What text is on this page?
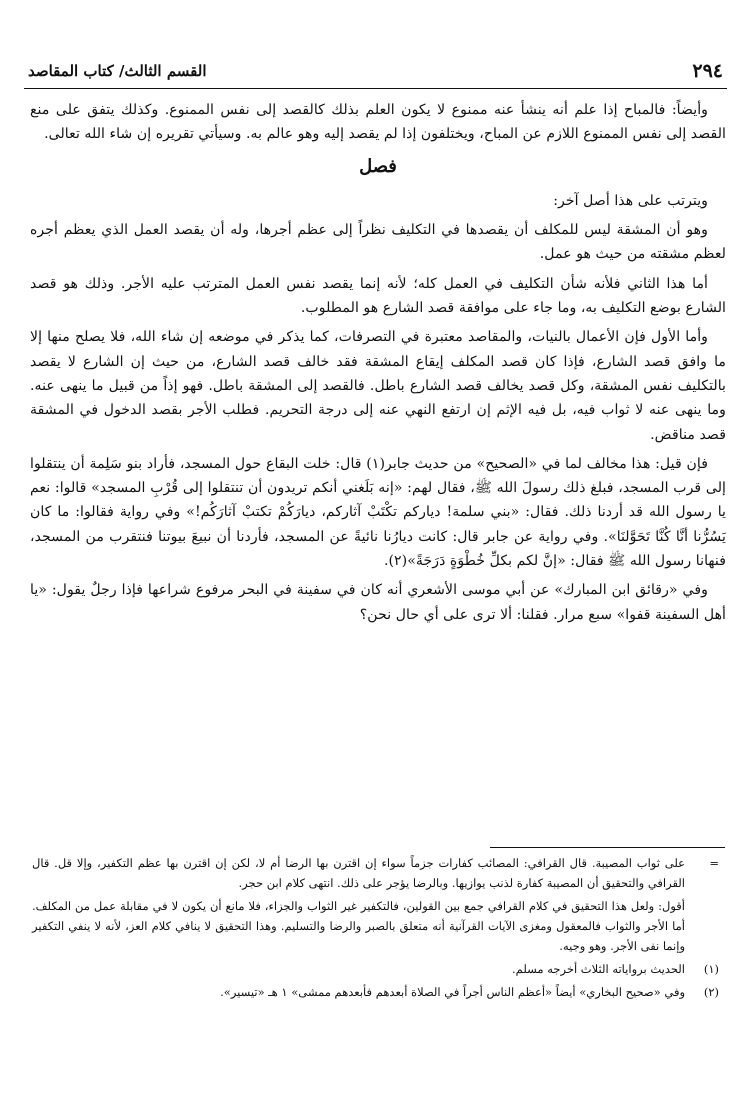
٢٩٤
القسم الثالث/ كتاب المقاصد

وأيضاً: فالمباح إذا علم أنه ينشأ عنه ممنوع لا يكون العلم بذلك كالقصد إلى نفس الممنوع. وكذلك يتفق على منع القصد إلى نفس الممنوع اللازم عن المباح، ويختلفون إذا لم يقصد إليه وهو عالم به. وسيأتي تقريره إن شاء الله تعالى.

فصل

ويترتب على هذا أصل آخر:

وهو أن المشقة ليس للمكلف أن يقصدها في التكليف نظراً إلى عظم أجرها، وله أن يقصد العمل الذي يعظم أجره لعظم مشقته من حيث هو عمل.

أما هذا الثاني فلأنه شأن التكليف في العمل كله؛ لأنه إنما يقصد نفس العمل المترتب عليه الأجر. وذلك هو قصد الشارع بوضع التكليف به، وما جاء على موافقة قصد الشارع هو المطلوب.

وأما الأول فإن الأعمال بالنيات، والمقاصد معتبرة في التصرفات، كما يذكر في موضعه إن شاء الله، فلا يصلح منها إلا ما وافق قصد الشارع، فإذا كان قصد المكلف إيقاع المشقة فقد خالف قصد الشارع، من حيث إن الشارع لا يقصد بالتكليف نفس المشقة، وكل قصد يخالف قصد الشارع باطل. فالقصد إلى المشقة باطل. فهو إذاً من قبيل ما ينهى عنه. وما ينهى عنه لا ثواب فيه، بل فيه الإثم إن ارتفع النهي عنه إلى درجة التحريم. فطلب الأجر بقصد الدخول في المشقة قصد مناقض.

فإن قيل: هذا مخالف لما في «الصحيح» من حديث جابر(١) قال: خلت البقاع حول المسجد، فأراد بنو سَلِمة أن ينتقلوا إلى قرب المسجد، فبلغ ذلك رسولَ الله ﷺ، فقال لهم: «إنه بَلَغني أنكم تريدون أن تنتقلوا إلى قُرْبِ المسجد» قالوا: نعم يا رسول الله قد أردنا ذلك. فقال: «بني سلمة! دياركم تكْتَبْ آثاركم، ديارَكُمْ تكتبْ آثارَكُم!» وفي رواية فقالوا: ما كان يَسُرُّنا أنَّا كُنَّا تَحَوَّلنَا». وفي رواية عن جابر قال: كانت ديارُنا نائيةً عن المسجد، فأردنا أن نبيعَ بيوتنا فنتقرب من المسجد، فنهانا رسول الله ﷺ فقال: «إنَّ لكم بكلِّ خُطْوَةٍ دَرَجَةً»(٢).

وفي «رقائق ابن المبارك» عن أبي موسى الأشعري أنه كان في سفينة في البحر مرفوع شراعها فإذا رجلٌ يقول: «يا أهل السفينة قفوا» سبع مرار. فقلنا: ألا ترى على أي حال نحن؟

=
على ثواب المصيبة. قال القرافي: المصائب كفارات جزماً سواء إن اقترن بها الرضا أم لا، لكن إن اقترن بها عظم التكفير، وإلا قل. قال القرافي والتحقيق أن المصيبة كفارة لذنب يوازيها. وبالرضا يؤجر على ذلك. انتهى كلام ابن حجر.

أقول: ولعل هذا التحقيق في كلام القرافي جمع بين القولين، فالتكفير غير الثواب والجزاء، فلا مانع أن يكون لا في مقابلة عمل من المكلف. أما الأجر والثواب فالمعقول ومغزى الآيات القرآنية أنه متعلق بالصبر والرضا والتسليم. وهذا التحقيق لا ينافي كلام العز، لأنه لا ينفي التكفير وإنما نفى الأجر. وهو وجيه.

(١)
الحديث برواياته الثلاث أخرجه مسلم.

(٢)
وفي «صحيح البخاري» أيضاً «أعظم الناس أجراً في الصلاة أبعدهم فأبعدهم ممشى» ١ هـ «تيسير».
